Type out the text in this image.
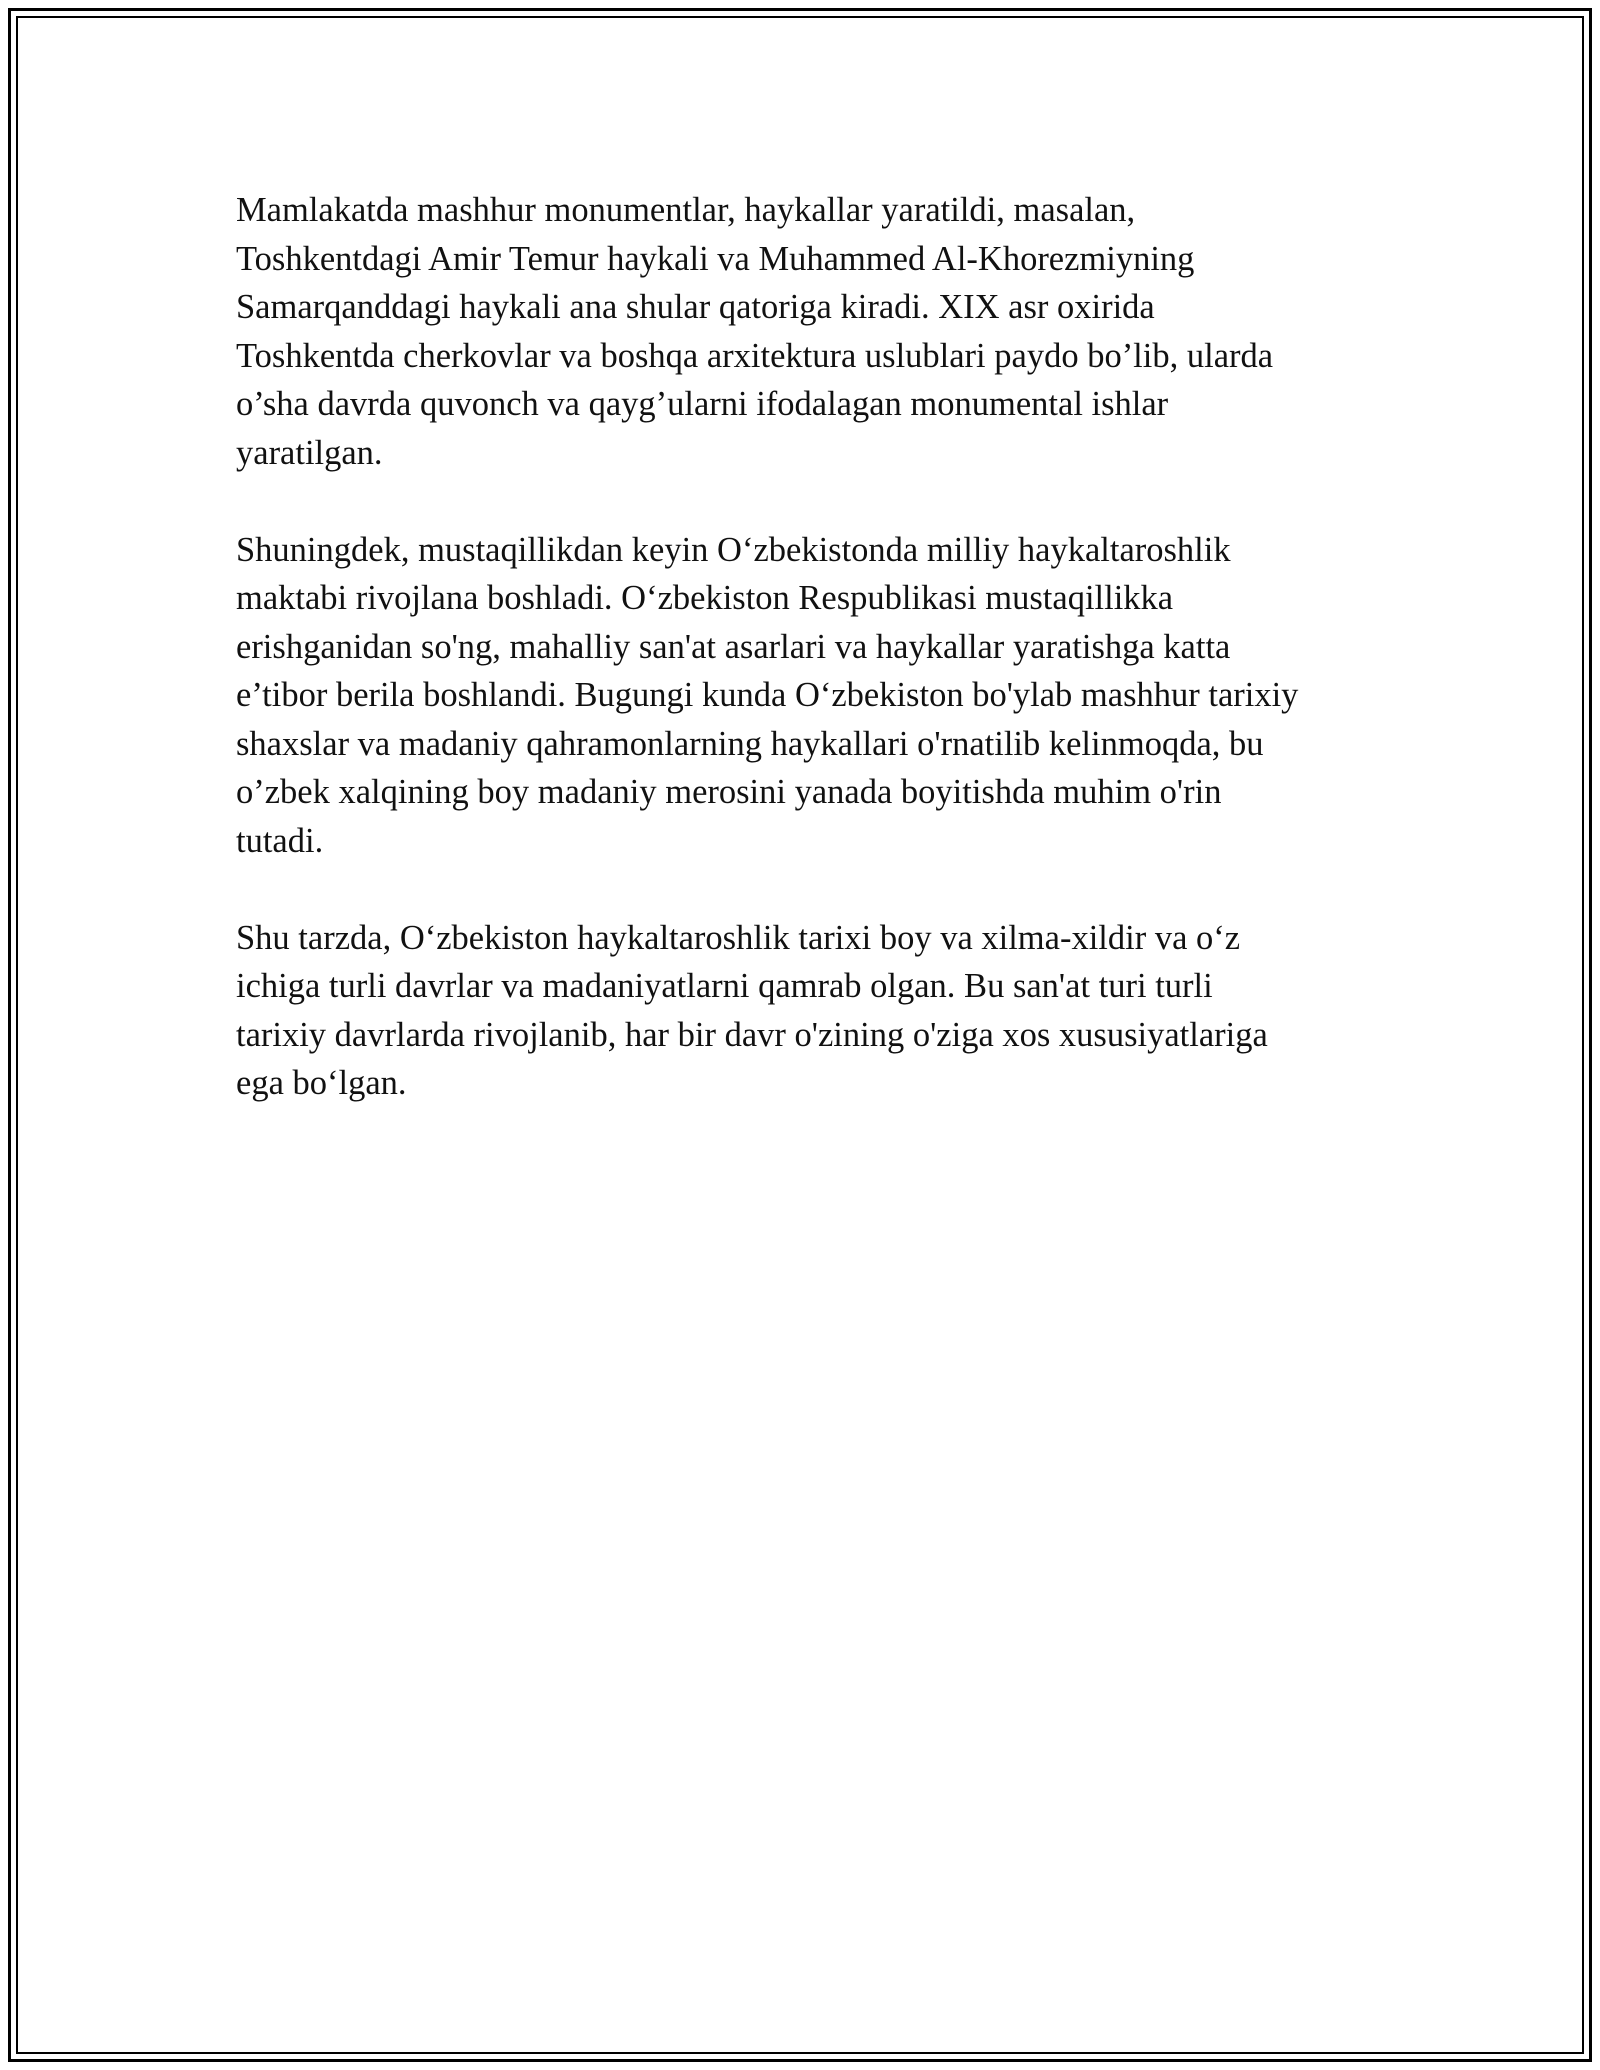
Mamlakatda mashhur monumentlar, haykallar yaratildi, masalan,
Toshkentdagi Amir Temur haykali va Muhammed Al-Khorezmiyning
Samarqanddagi haykali ana shular qatoriga kiradi. XIX asr oxirida
Toshkentda cherkovlar va boshqa arxitektura uslublari paydo bo’lib, ularda
o’sha davrda quvonch va qayg’ularni ifodalagan monumental ishlar
yaratilgan.

Shuningdek, mustaqillikdan keyin O‘zbekistonda milliy haykaltaroshlik
maktabi rivojlana boshladi. O‘zbekiston Respublikasi mustaqillikka
erishganidan so'ng, mahalliy san'at asarlari va haykallar yaratishga katta
e’tibor berila boshlandi. Bugungi kunda O‘zbekiston bo'ylab mashhur tarixiy
shaxslar va madaniy qahramonlarning haykallari o'rnatilib kelinmoqda, bu
o’zbek xalqining boy madaniy merosini yanada boyitishda muhim o'rin
tutadi.

Shu tarzda, O‘zbekiston haykaltaroshlik tarixi boy va xilma-xildir va o‘z
ichiga turli davrlar va madaniyatlarni qamrab olgan. Bu san'at turi turli
tarixiy davrlarda rivojlanib, har bir davr o'zining o'ziga xos xususiyatlariga
ega bo‘lgan.
